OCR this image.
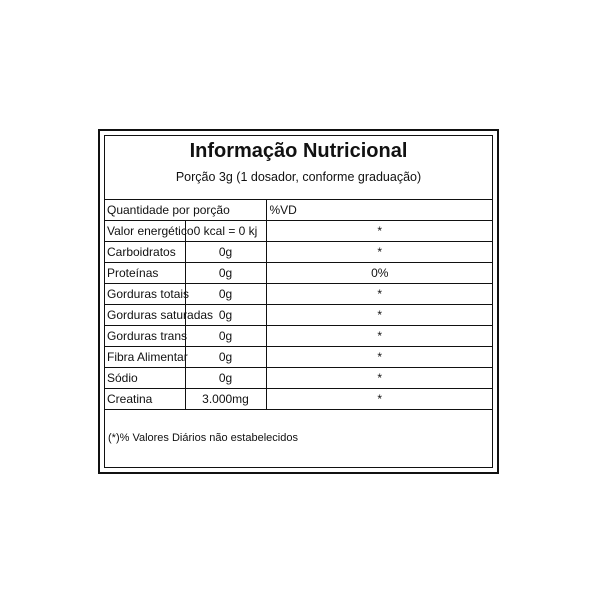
Informação Nutricional
Porção 3g (1 dosador, conforme graduação)
Quantidade por porção		%VD
Valor energético	0 kcal = 0 kj	*
Carboidratos	0g	*
Proteínas	0g	0%
Gorduras totais	0g	*
Gorduras saturadas	0g	*
Gorduras trans	0g	*
Fibra Alimentar	0g	*
Sódio	0g	*
Creatina	3.000mg	*
(*)% Valores Diários não estabelecidos
